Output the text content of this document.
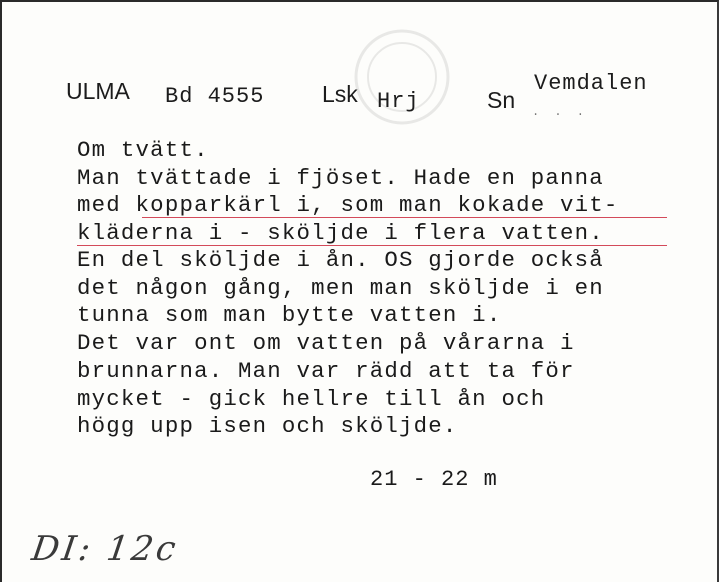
ULMA Bd 4555	Lsk Hrj	Sn
Vemdalen
. . .
Om tvätt.
Man tvättade i fjöset. Hade en panna
med kopparkärl i, som man kokade vit-
kläderna i - sköljde i flera vatten.
En del sköljde i ån. OS gjorde också
det någon gång, men man sköljde i en
tunna som man bytte vatten i.
Det var ont om vatten på vårarna i
brunnarna. Man var rädd att ta för
mycket - gick hellre till ån och
högg upp isen och sköljde.
21 - 22 m
DI: 12c
